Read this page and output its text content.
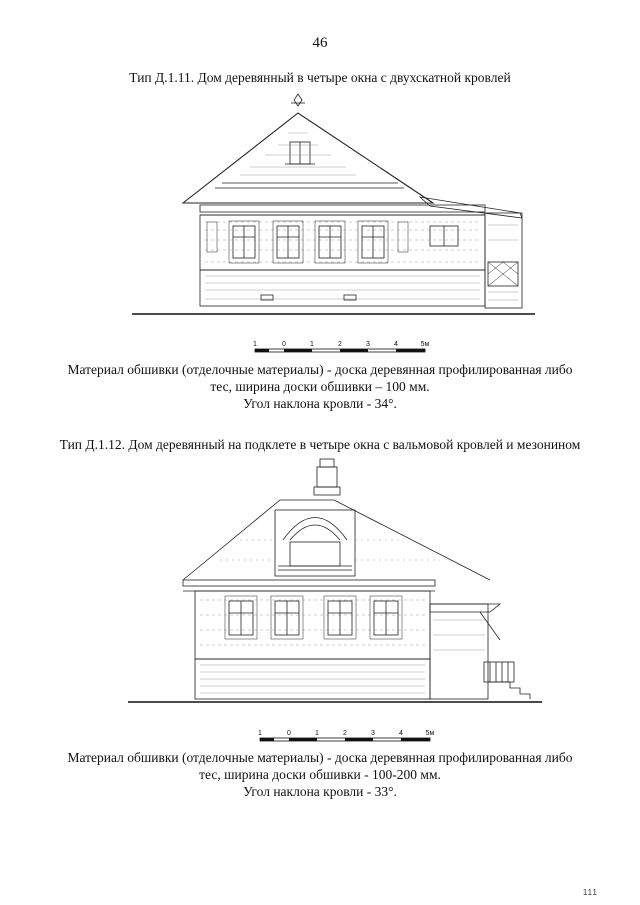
46
Тип Д.1.11. Дом деревянный в четыре окна с двухскатной кровлей
1	0	1	2	3	4	5м
Материал обшивки (отделочные материалы) - доска деревянная профилированная либо
тес, ширина доски обшивки – 100 мм.
Угол наклона кровли - 34°.
Тип Д.1.12. Дом деревянный на подклете в четыре окна с вальмовой кровлей и мезонином
1	0	1	2	3	4	5м
Материал обшивки (отделочные материалы) - доска деревянная профилированная либо
тес, ширина доски обшивки - 100-200 мм.
Угол наклона кровли - 33°.
111
